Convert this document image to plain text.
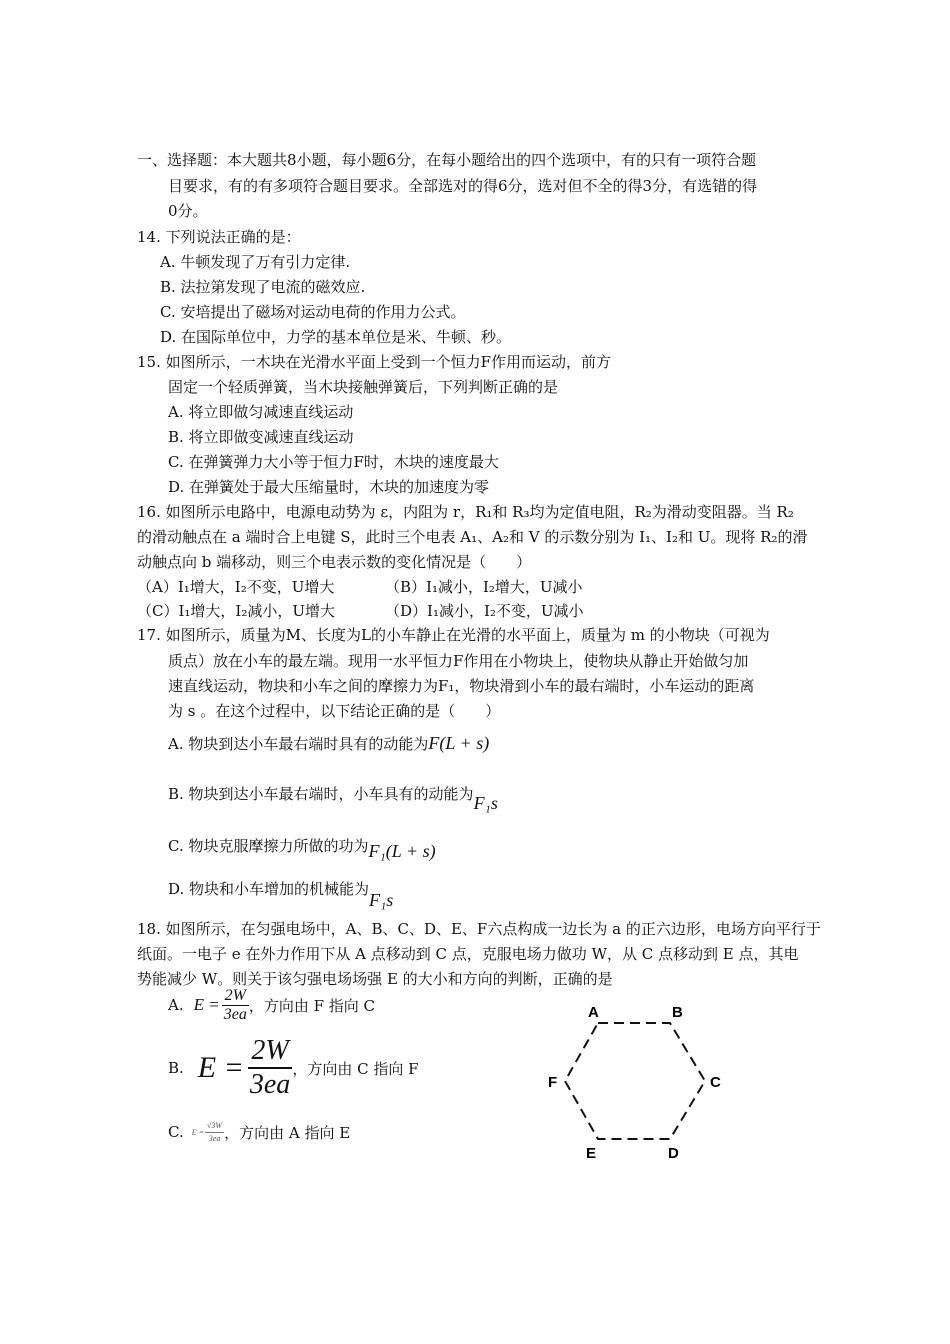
一、选择题：本大题共8小题，每小题6分，在每小题给出的四个选项中，有的只有一项符合题
目要求，有的有多项符合题目要求。全部选对的得6分，选对但不全的得3分，有选错的得
0分。
14. 下列说法正确的是：
A. 牛顿发现了万有引力定律.
B. 法拉第发现了电流的磁效应.
C. 安培提出了磁场对运动电荷的作用力公式。
D. 在国际单位中，力学的基本单位是米、牛顿、秒。
15. 如图所示，一木块在光滑水平面上受到一个恒力F作用而运动，前方
固定一个轻质弹簧，当木块接触弹簧后，下列判断正确的是
A. 将立即做匀减速直线运动
B. 将立即做变减速直线运动
C. 在弹簧弹力大小等于恒力F时，木块的速度最大
D. 在弹簧处于最大压缩量时，木块的加速度为零
16. 如图所示电路中，电源电动势为 ε，内阻为 r，R₁和 R₃均为定值电阻，R₂为滑动变阻器。当 R₂
的滑动触点在 a 端时合上电键 S，此时三个电表 A₁、A₂和 V 的示数分别为 I₁、I₂和 U。现将 R₂的滑
动触点向 b 端移动，则三个电表示数的变化情况是（　　）
（A）I₁增大，I₂不变，U增大	（B）I₁减小，I₂增大，U减小
（C）I₁增大，I₂减小，U增大	（D）I₁减小，I₂不变，U减小
17. 如图所示，质量为M、长度为L的小车静止在光滑的水平面上，质量为 m 的小物块（可视为
质点）放在小车的最左端。现用一水平恒力F作用在小物块上，使物块从静止开始做匀加
速直线运动，物块和小车之间的摩擦力为F₁，物块滑到小车的最右端时，小车运动的距离
为 s 。在这个过程中，以下结论正确的是（　　）
A. 物块到达小车最右端时具有的动能为F(L + s)
B. 物块到达小车最右端时，小车具有的动能为F₁s
C. 物块克服摩擦力所做的功为F₁(L + s)
D. 物块和小车增加的机械能为F₁s
18. 如图所示，在匀强电场中，A、B、C、D、E、F六点构成一边长为 a 的正六边形，电场方向平行于
纸面。一电子 e 在外力作用下从 A 点移动到 C 点，克服电场力做功 W，从 C 点移动到 E 点，其电
势能减少 W。则关于该匀强电场场强 E 的大小和方向的判断，正确的是
A. $E = \frac{2W}{3ea}$ ，方向由 F 指向 C
B. $E = \frac{2W}{3ea}$ ，方向由 C 指向 F
C. $E = \frac{√3W}{3ea}$ ，方向由 A 指向 E
A	B
C
D
E
F
